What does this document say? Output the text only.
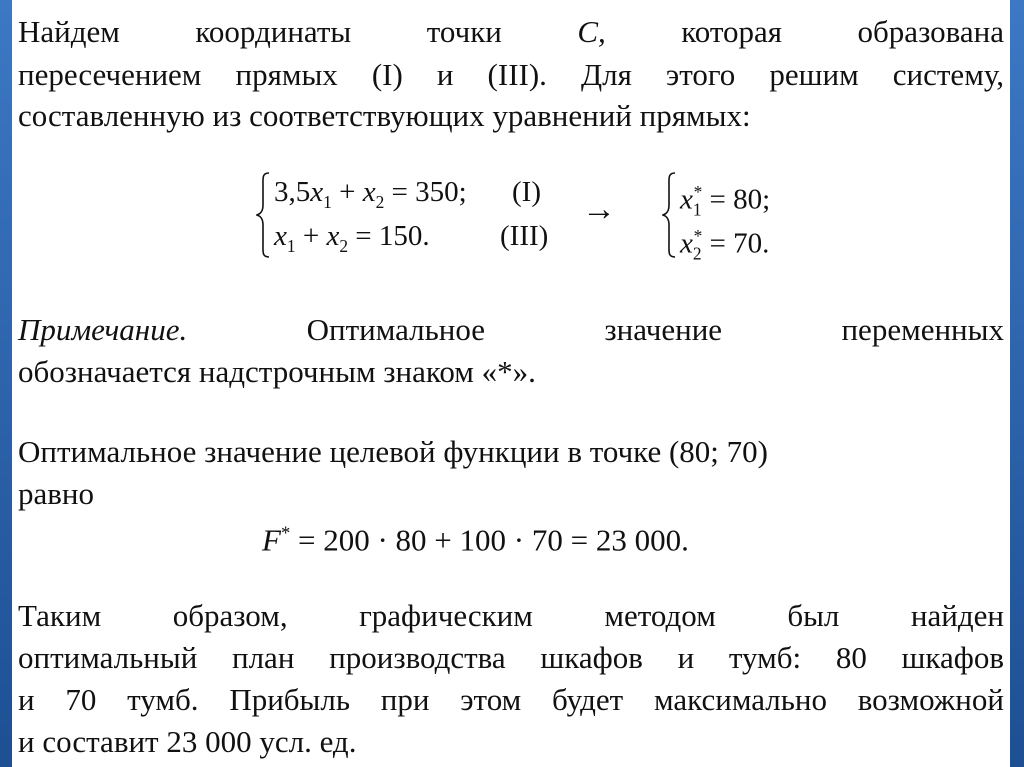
Найдем координаты точки C, которая образована
пересечением прямых (I) и (III). Для этого решим систему,
составленную из соответствующих уравнений прямых:
$3,5x_1 + x_2 = 350$; (I)
$x_1 + x_2 = 150$. (III)
→ $x_1^* = 80$;
$x_2^* = 70$.
Примечание.	Оптимальное	значение	переменных
обозначается надстрочным знаком «*».
Оптимальное значение целевой функции в точке (80; 70)
равно
F* = 200 · 80 + 100 · 70 = 23 000.
Таким образом, графическим методом был найден
оптимальный план производства шкафов и тумб: 80 шкафов
и 70 тумб. Прибыль при этом будет максимально возможной
и составит 23 000 усл. ед.
